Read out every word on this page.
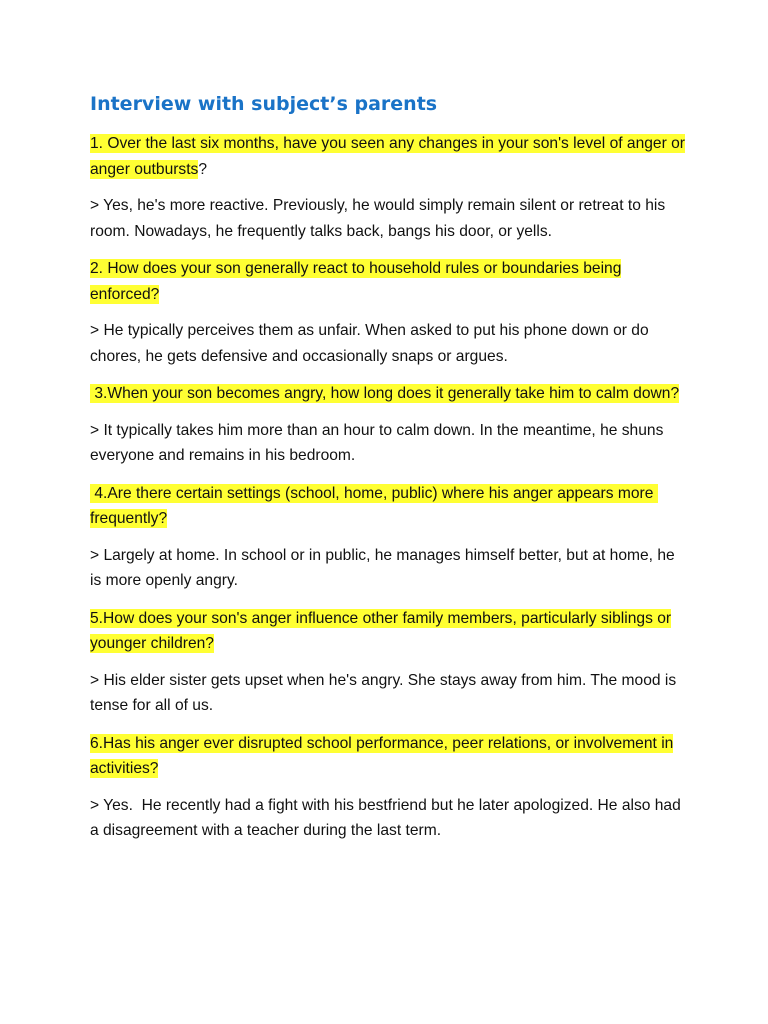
Interview with subject’s parents

1. Over the last six months, have you seen any changes in your son's level of anger or anger outbursts?

> Yes, he's more reactive. Previously, he would simply remain silent or retreat to his room. Nowadays, he frequently talks back, bangs his door, or yells.

2. How does your son generally react to household rules or boundaries being enforced?

> He typically perceives them as unfair. When asked to put his phone down or do chores, he gets defensive and occasionally snaps or argues.

3.When your son becomes angry, how long does it generally take him to calm down?

> It typically takes him more than an hour to calm down. In the meantime, he shuns everyone and remains in his bedroom.

4.Are there certain settings (school, home, public) where his anger appears more frequently?

> Largely at home. In school or in public, he manages himself better, but at home, he is more openly angry.

5.How does your son's anger influence other family members, particularly siblings or younger children?

> His elder sister gets upset when he's angry. She stays away from him. The mood is tense for all of us.

6.Has his anger ever disrupted school performance, peer relations, or involvement in activities?

> Yes.  He recently had a fight with his bestfriend but he later apologized. He also had a disagreement with a teacher during the last term.
